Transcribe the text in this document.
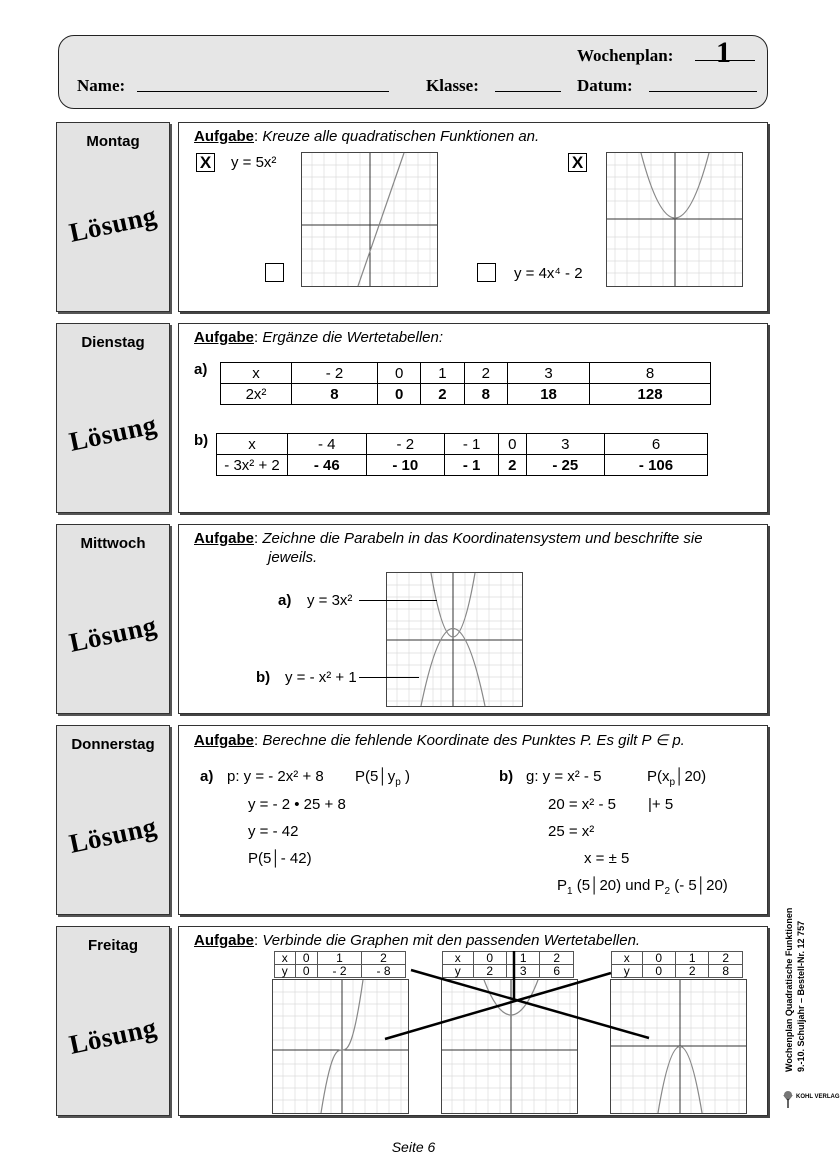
Wochenplan: 1
Name:	Klasse:	Datum:
Montag
Lösung
Aufgabe: Kreuze alle quadratischen Funktionen an.
X y = 5x²	X
y = 4x⁴ - 2
Dienstag
Lösung
Aufgabe: Ergänze die Wertetabellen:
a)	x	- 2	0	1	2	3	8
2x²	8	0	2	8	18	128
b)	x	- 4	- 2	- 1	0	3	6
- 3x² + 2	- 46	- 10	- 1	2	- 25	- 106
Mittwoch
Lösung
Aufgabe: Zeichne die Parabeln in das Koordinatensystem und beschrifte sie
jeweils.
a) y = 3x²
b) y = - x² + 1
Donnerstag
Lösung
Aufgabe: Berechne die fehlende Koordinate des Punktes P. Es gilt P ∈ p.
a) p: y = - 2x² + 8 $P(5│y_p$ )
y = - 2 • 25 + 8
y = - 42
P(5│- 42)
b) g: y = x² - 5	$P(x_p│20)$
20 = x² - 5 |+ 5
25 = x²
x = ± 5
$P_1$ (5│20) und $P_2$ (- 5│20)
Freitag
Lösung
Aufgabe: Verbinde die Graphen mit den passenden Wertetabellen.
x	0	1	2
y	0	- 2	- 8
x	0	1	2
y	2	3	6
x	0	1	2
y	0	2	8	Wochenplan Quadratische Funktionen 9.-10. Schuljahr – Bestell-Nr. 12 757
KOHL VERLAG
Seite 6
